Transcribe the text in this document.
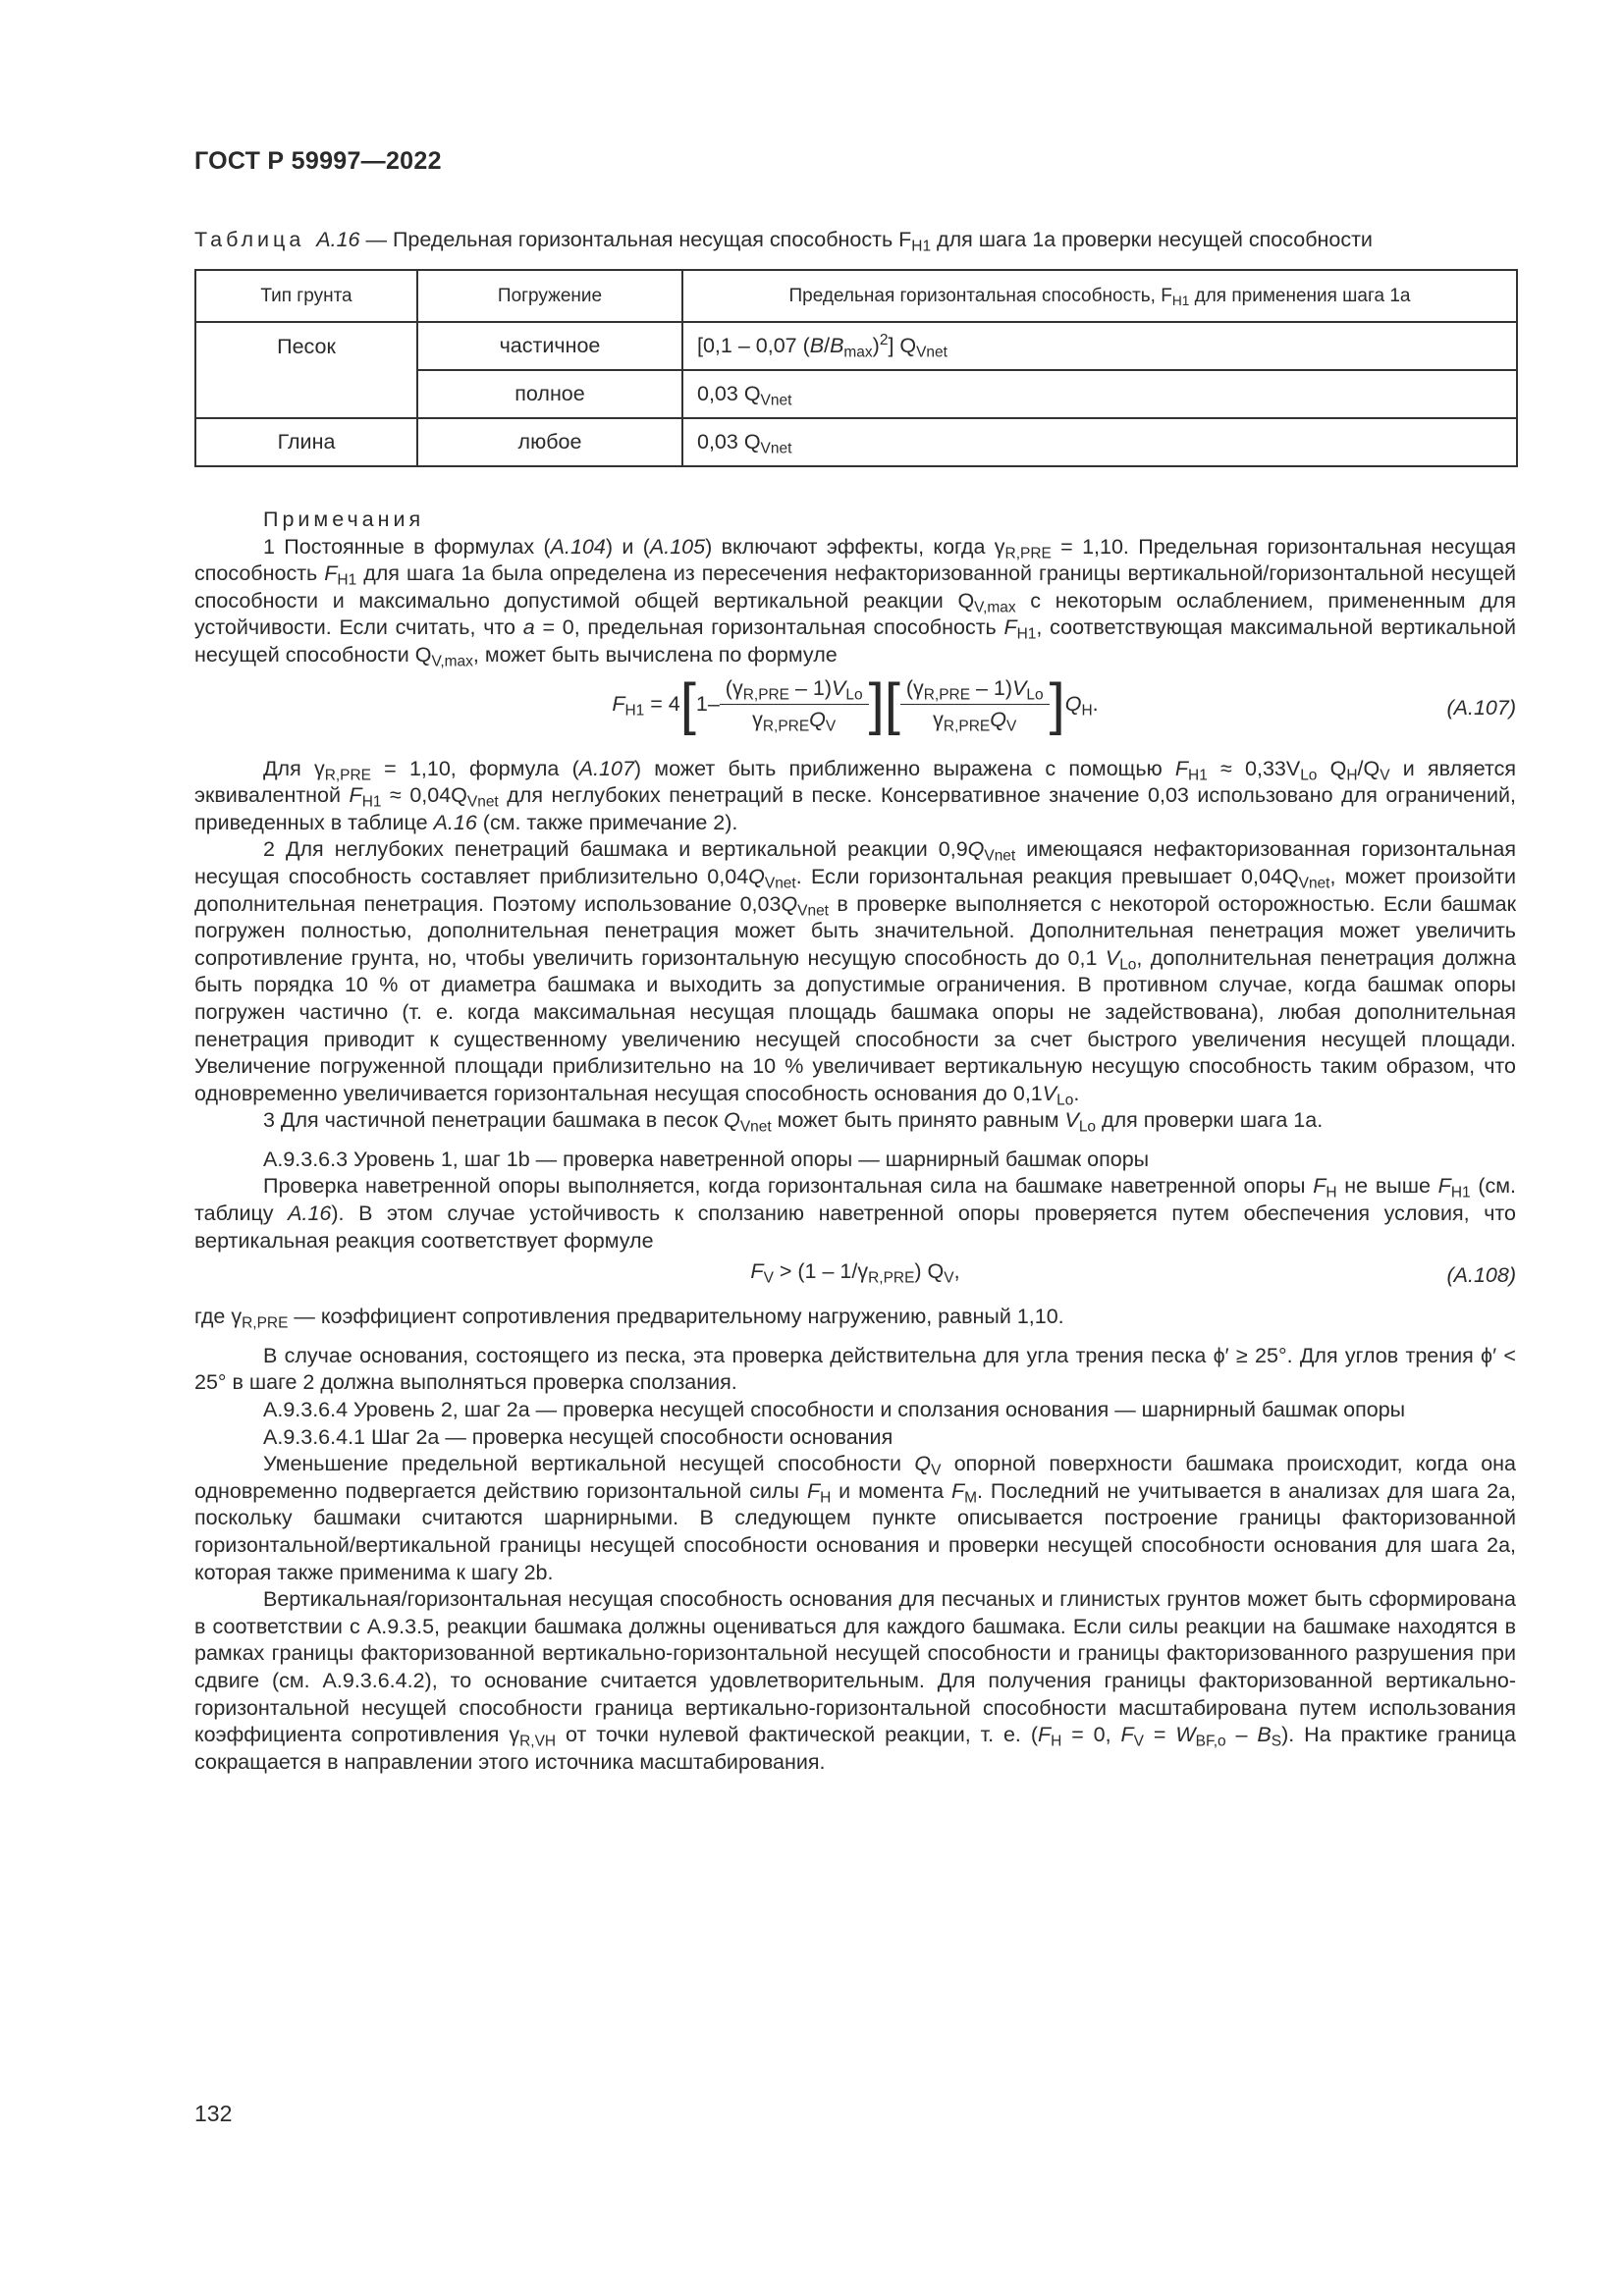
ГОСТ Р 59997—2022
Таблица А.16 — Предельная горизонтальная несущая способность $F_{H1}$ для шага 1а проверки несущей способности
Тип грунта	Погружение	Предельная горизонтальная способность, $F_{H1}$ для применения шага 1а
Песок	частичное	[0,1 – 0,07 $(B/B_{max})^2$] $Q_{Vnet}$
	полное	0,03 $Q_{Vnet}$
Глина	любое	0,03 $Q_{Vnet}$

Примечания

1 Постоянные в формулах (А.104) и (А.105) включают эффекты, когда $\gamma_{R,PRE} = 1,10$. Предельная горизонтальная несущая способность $F_{H1}$ для шага 1а была определена из пересечения нефакторизованной границы вертикальной/горизонтальной несущей способности и максимально допустимой общей вертикальной реакции $Q_{V,max}$ с некоторым ослаблением, примененным для устойчивости. Если считать, что а = 0, предельная горизонтальная способность $F_{H1}$, соответствующая максимальной вертикальной несущей способности $Q_{V,max}$, может быть вычислена по формуле

$F_{H1} = 4[1- \frac{(\gamma_{R,PRE} - 1)V_{Lo}}{\gamma_{R,PRE}Q_V}$ ][ $\frac{(\gamma_{R,PRE} - 1)V_{Lo}}{\gamma_{R,PRE}Q_V} ]Q_H$.	(А.107)

Для $\gamma_{R,PRE} = 1,10$, формула (А.107) может быть приближенно выражена с помощью $F_{H1} \approx 0,33V_{Lo}$ $Q_H/Q_V$ и является эквивалентной $F_{H1} \approx 0,04Q_{Vnet}$ для неглубоких пенетраций в песке. Консервативное значение 0,03 использовано для ограничений, приведенных в таблице А.16 (см. также примечание 2).

2 Для неглубоких пенетраций башмака и вертикальной реакции $0,9Q_{Vnet}$ имеющаяся нефакторизованная горизонтальная несущая способность составляет приблизительно $0,04Q_{Vnet}$. Если горизонтальная реакция превышает $0,04Q_{Vnet}$, может произойти дополнительная пенетрация. Поэтому использование $0,03Q_{Vnet}$ в проверке выполняется с некоторой осторожностью. Если башмак погружен полностью, дополнительная пенетрация может быть значительной. Дополнительная пенетрация может увеличить сопротивление грунта, но, чтобы увеличить горизонтальную несущую способность до 0,1 $V_{Lo}$, дополнительная пенетрация должна быть порядка 10 % от диаметра башмака и выходить за допустимые ограничения. В противном случае, когда башмак опоры погружен частично (т. е. когда максимальная несущая площадь башмака опоры не задействована), любая дополнительная пенетрация приводит к существенному увеличению несущей способности за счет быстрого увеличения несущей площади. Увеличение погруженной площади приблизительно на 10 % увеличивает вертикальную несущую способность таким образом, что одновременно увеличивается горизонтальная несущая способность основания до $0,1V_{Lo}$.

3 Для частичной пенетрации башмака в песок $Q_{Vnet}$ может быть принято равным $V_{Lo}$ для проверки шага 1а.

А.9.3.6.3 Уровень 1, шаг 1b — проверка наветренной опоры — шарнирный башмак опоры

Проверка наветренной опоры выполняется, когда горизонтальная сила на башмаке наветренной опоры $F_H$ не выше $F_{H1}$ (см. таблицу А.16). В этом случае устойчивость к сползанию наветренной опоры проверяется путем обеспечения условия, что вертикальная реакция соответствует формуле

$F_V > (1 - 1/\gamma_{R,PRE})$ $Q_V$,	(А.108)

где $\gamma_{R,PRE}$ — коэффициент сопротивления предварительному нагружению, равный 1,10.

В случае основания, состоящего из песка, эта проверка действительна для угла трения песка ϕ′ ≥ 25°. Для углов трения ϕ′ < 25° в шаге 2 должна выполняться проверка сползания.

А.9.3.6.4 Уровень 2, шаг 2а — проверка несущей способности и сползания основания — шарнирный башмак опоры

А.9.3.6.4.1 Шаг 2а — проверка несущей способности основания

Уменьшение предельной вертикальной несущей способности $Q_V$ опорной поверхности башмака происходит, когда она одновременно подвергается действию горизонтальной силы $F_H$ и момента $F_M$. Последний не учитывается в анализах для шага 2а, поскольку башмаки считаются шарнирными. В следующем пункте описывается построение границы факторизованной горизонтальной/вертикальной границы несущей способности основания и проверки несущей способности основания для шага 2а, которая также применима к шагу 2b.

Вертикальная/горизонтальная несущая способность основания для песчаных и глинистых грунтов может быть сформирована в соответствии с А.9.3.5, реакции башмака должны оцениваться для каждого башмака. Если силы реакции на башмаке находятся в рамках границы факторизованной вертикально-горизонтальной несущей способности и границы факторизованного разрушения при сдвиге (см. А.9.3.6.4.2), то основание считается удовлетворительным. Для получения границы факторизованной вертикально-горизонтальной несущей способности граница вертикально-горизонтальной способности масштабирована путем использования коэффициента сопротивления $\gamma_{R,VH}$ от точки нулевой фактической реакции, т. е. ($F_H = 0$, $F_V = W_{BF,o} - B_S$). На практике граница сокращается в направлении этого источника масштабирования.

132
